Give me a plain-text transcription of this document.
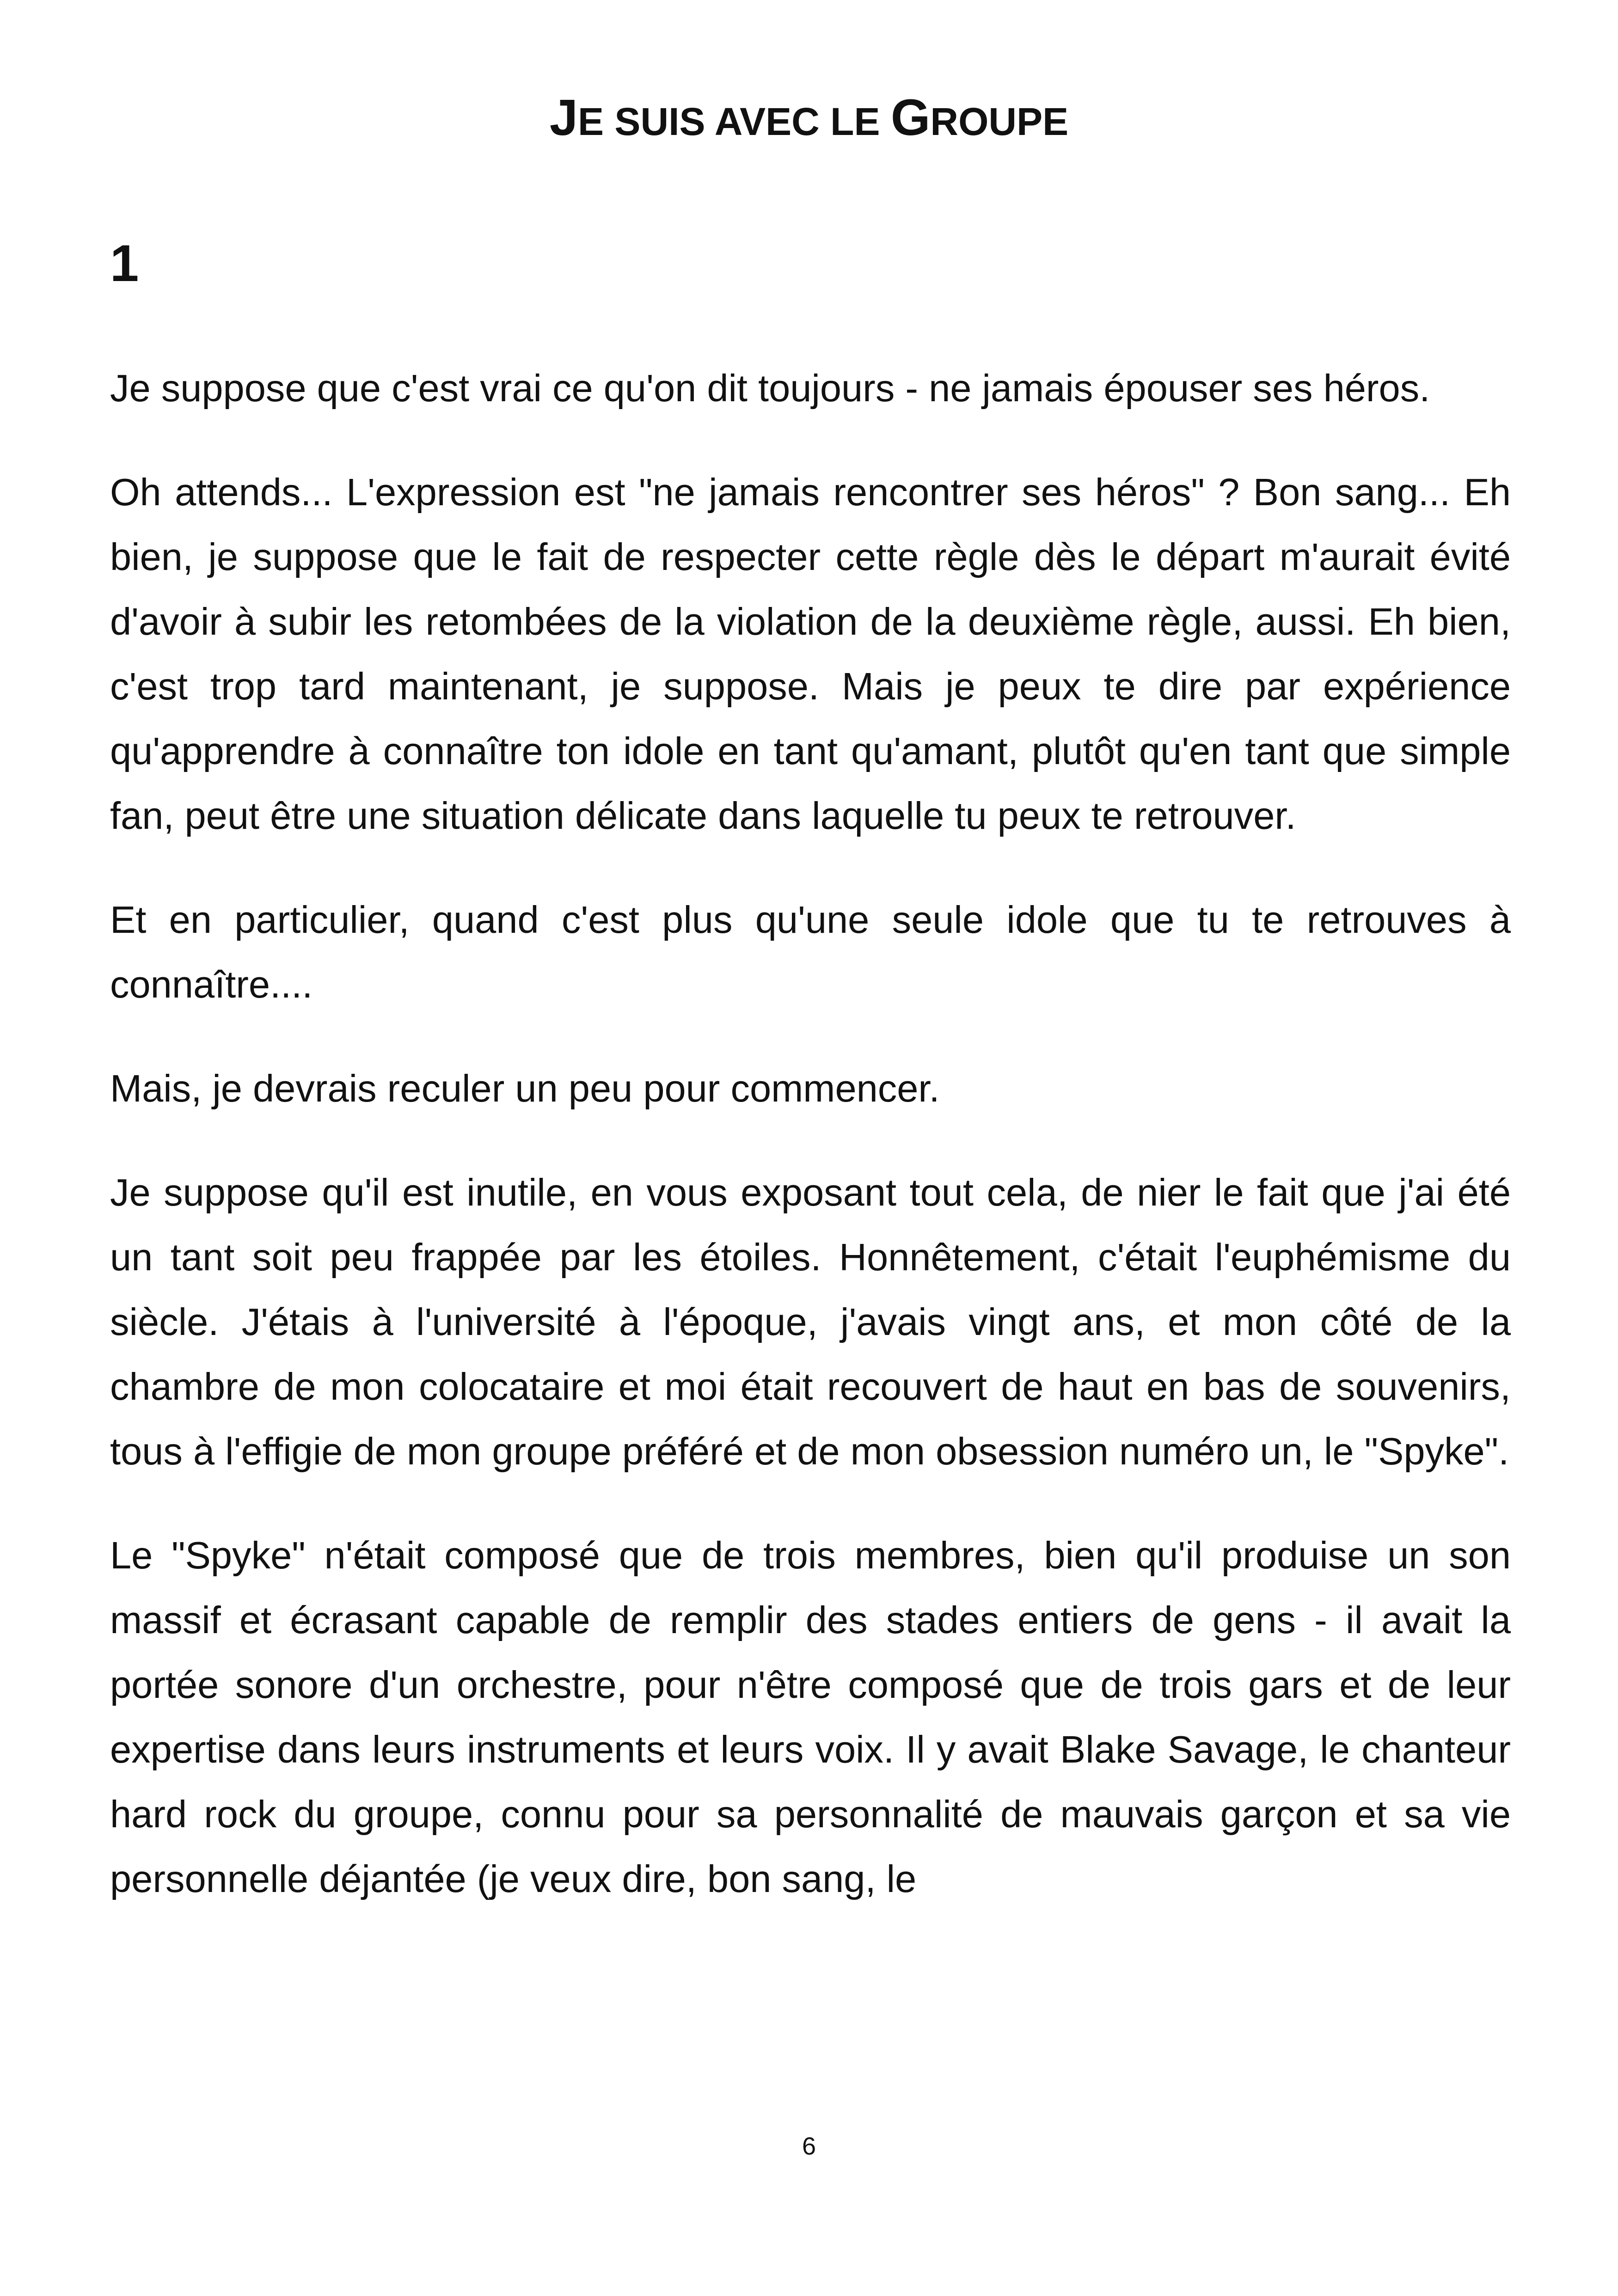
JE SUIS AVEC LE GROUPE
1

Je suppose que c'est vrai ce qu'on dit toujours - ne jamais épouser ses héros.

Oh attends... L'expression est "ne jamais rencontrer ses héros" ? Bon sang... Eh bien, je suppose que le fait de respecter cette règle dès le départ m'aurait évité d'avoir à subir les retombées de la violation de la deuxième règle, aussi. Eh bien, c'est trop tard maintenant, je suppose. Mais je peux te dire par expérience qu'apprendre à connaître ton idole en tant qu'amant, plutôt qu'en tant que simple fan, peut être une situation délicate dans laquelle tu peux te retrouver.

Et en particulier, quand c'est plus qu'une seule idole que tu te retrouves à connaître....

Mais, je devrais reculer un peu pour commencer.

Je suppose qu'il est inutile, en vous exposant tout cela, de nier le fait que j'ai été un tant soit peu frappée par les étoiles. Honnêtement, c'était l'euphémisme du siècle. J'étais à l'université à l'époque, j'avais vingt ans, et mon côté de la chambre de mon colocataire et moi était recouvert de haut en bas de souvenirs, tous à l'effigie de mon groupe préféré et de mon obsession numéro un, le "Spyke".

Le "Spyke" n'était composé que de trois membres, bien qu'il produise un son massif et écrasant capable de remplir des stades entiers de gens - il avait la portée sonore d'un orchestre, pour n'être composé que de trois gars et de leur expertise dans leurs instruments et leurs voix. Il y avait Blake Savage, le chanteur hard rock du groupe, connu pour sa personnalité de mauvais garçon et sa vie personnelle déjantée (je veux dire, bon sang, le

6
